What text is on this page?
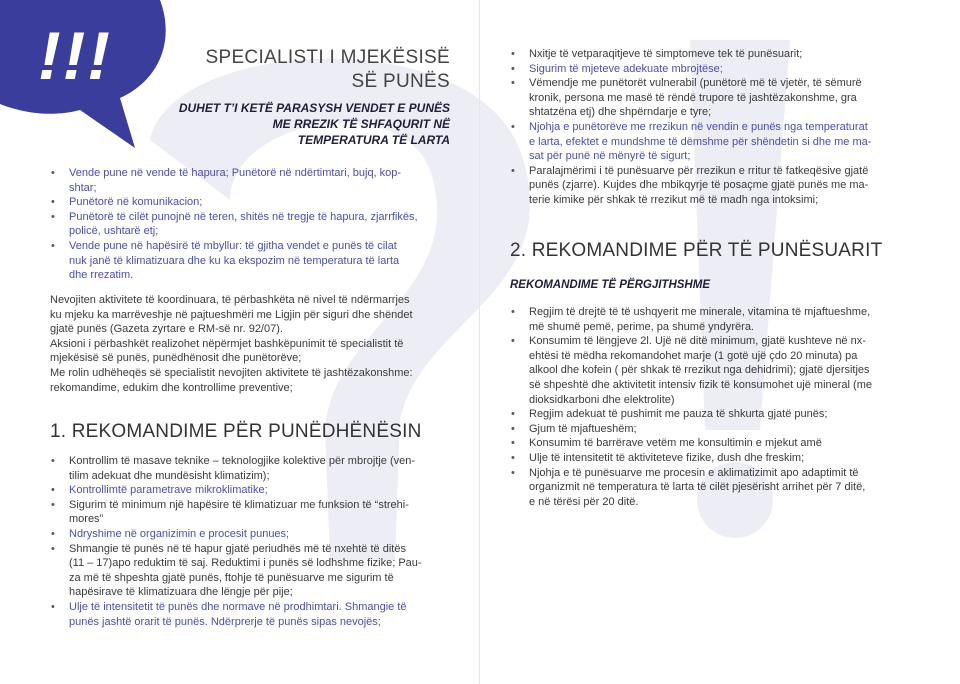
!!!	SPECIALISTI I MJEKËSISË
SË PUNËS
DUHET T’I KETË PARASYSH VENDET E PUNËS
ME RREZIK TË SHFAQURIT NË
TEMPERATURA TË LARTA
• Vende pune në vende të hapura; Punëtorë në ndërtimtari, bujq, kop-
shtar;
• Punëtorë në komunikacion;
• Punëtorë të cilët punojnë në teren, shitës në tregje të hapura, zjarrfikës,
policë, ushtarë etj;
• Vende pune në hapësirë të mbyllur: të gjitha vendet e punës të cilat
nuk janë të klimatizuara dhe ku ka ekspozim në temperatura të larta
dhe rrezatim.

Nevojiten aktivitete të koordinuara, të përbashkëta në nivel të ndërmarrjes

ku mjeku ka marrëveshje në pajtueshmëri me Ligjin për siguri dhe shëndet

gjatë punës (Gazeta zyrtare e RM-së nr. 92/07).

Aksioni i përbashkët realizohet nëpërmjet bashkëpunimit të specialistit të

mjekësisë së punës, punëdhënosit dhe punëtorëve;

Me rolin udhëheqës së specialistit nevojiten aktivitete të jashtëzakonshme:

rekomandime, edukim dhe kontrollime preventive;

1. REKOMANDIME PËR PUNËDHËNËSIN
• Kontrollim të masave teknike – teknologjike kolektive për mbrojtje (ven-
tilim adekuat dhe mundësisht klimatizim);
• Kontrollimtë parametrave mikroklimatike;
• Sigurim të minimum një hapësire të klimatizuar me funksion të “strehi-
mores”
• Ndryshime në organizimin e procesit punues;
• Shmangie të punës në të hapur gjatë periudhës më të nxehtë të ditës
(11 – 17)apo reduktim të saj. Reduktimi i punës së lodhshme fizike; Pau-
za më të shpeshta gjatë punës, ftohje të punësuarve me sigurim të
hapësirave të klimatizuara dhe lëngje për pije;
• Ulje të intensitetit të punës dhe normave në prodhimtari. Shmangie të
punës jashtë orarit të punës. Ndërprerje të punës sipas nevojës;
• Nxitje të vetparaqitjeve të simptomeve tek të punësuarit;
• Sigurim të mjeteve adekuate mbrojtëse;
• Vëmendje me punëtorët vulnerabil (punëtorë më të vjetër, të sëmurë
kronik, persona me masë të rëndë trupore të jashtëzakonshme, gra
shtatzëna etj) dhe shpërndarje e tyre;
• Njohja e punëtorëve me rrezikun në vendin e punës nga temperaturat
e larta, efektet e mundshme të dëmshme për shëndetin si dhe me ma-
sat për punë në mënyrë të sigurt;
• Paralajmërimi i të punësuarve për rrezikun e rritur të fatkeqësive gjatë
punës (zjarre). Kujdes dhe mbikqyrje të posaçme gjatë punës me ma-
terie kimike për shkak të rrezikut më të madh nga intoksimi;
2. REKOMANDIME PËR TË PUNËSUARIT
REKOMANDIME TË PËRGJITHSHME
• Regjim të drejtë të të ushqyerit me minerale, vitamina të mjaftueshme,
më shumë pemë, perime, pa shumë yndyrëra.
• Konsumim të lëngjeve 2l. Ujë në ditë minimum, gjatë kushteve në nx-
ehtësi të mëdha rekomandohet marje (1 gotë ujë çdo 20 minuta) pa
alkool dhe kofein ( për shkak të rrezikut nga dehidrimi); gjatë djersitjes
së shpeshtë dhe aktivitetit intensiv fizik të konsumohet ujë mineral (me
dioksidkarboni dhe elektrolite)
• Regjim adekuat të pushimit me pauza të shkurta gjatë punës;
• Gjum të mjaftueshëm;
• Konsumim të barrërave vetëm me konsultimin e mjekut amë
• Ulje të intensitetit të aktiviteteve fizike, dush dhe freskim;
• Njohja e të punësuarve me procesin e aklimatizimit apo adaptimit të
organizmit në temperatura të larta të cilët pjesërisht arrihet për 7 ditë,
e në tërësi për 20 ditë.
